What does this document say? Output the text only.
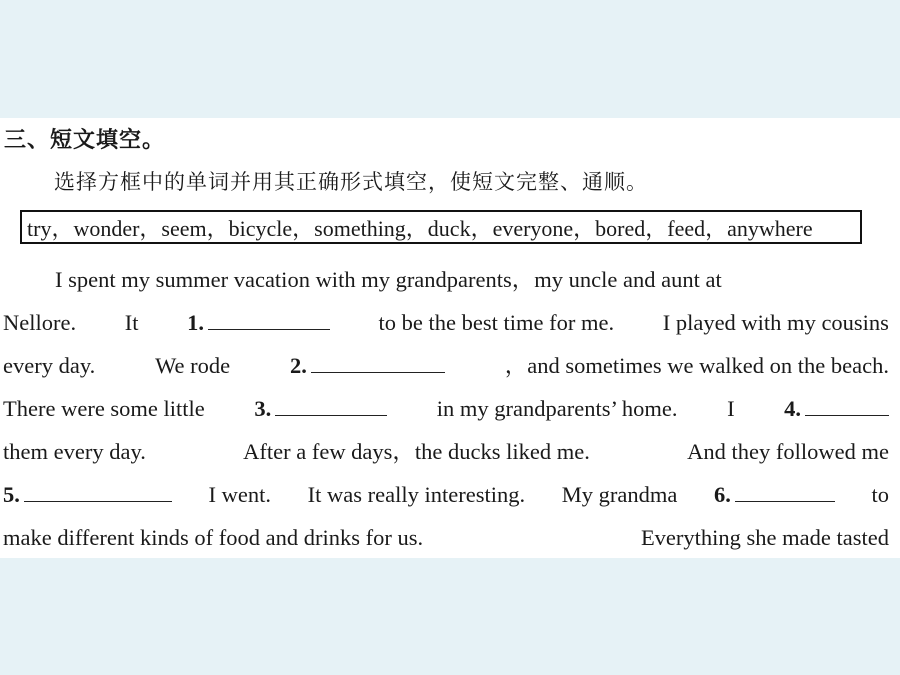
三、短文填空。
选择方框中的单词并用其正确形式填空，使短文完整、通顺。
try，wonder，seem，bicycle，something，duck，everyone，bored，feed，anywhere
I spent my summer vacation with my grandparents，my uncle and aunt at
Nellore. It 1.	to be the best time for me. I played with my cousins
every day.	We rode	2.	，and sometimes we walked on the beach.
There were some little 3.	in my grandparents’ home. I 4.
them every day.	After a few days，the ducks liked me.	And they followed me
5.	I went. It was really interesting. My grandma 6.	to
make different kinds of food and drinks for us.	Everything she made tasted
